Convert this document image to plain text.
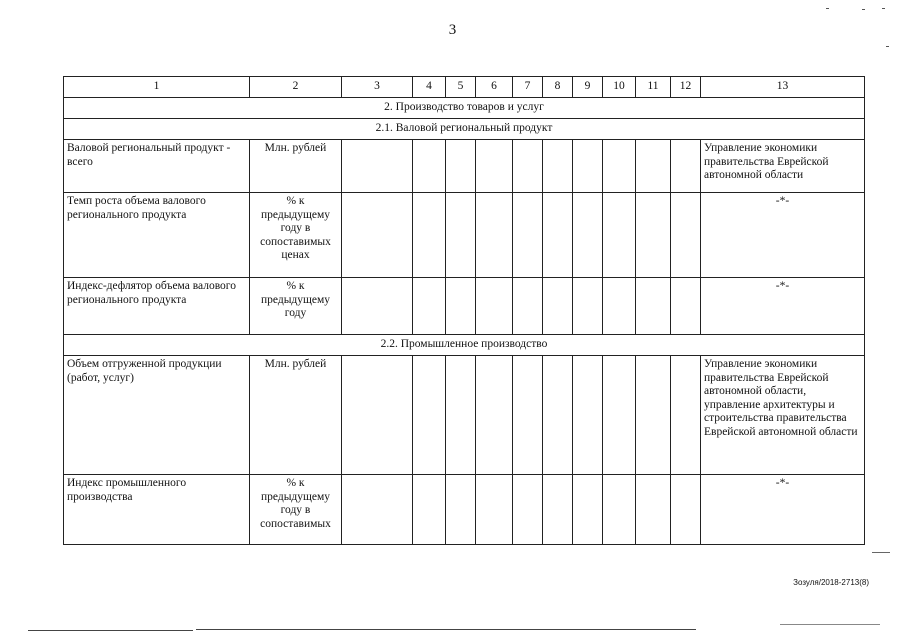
3
1	2	3	4	5	6	7	8	9	10	11	12	13
2. Производство товаров и услуг												
2.1. Валовой региональный продукт												
Валовой региональный продукт - всего	Млн. рублей											Управление экономики правительства Еврейской автономной области
Темп роста объема валового регионального продукта	% к предыдущему году в сопоставимых ценах											-*-
Индекс-дефлятор объема валового регионального продукта	% к предыдущему году											-*-
2.2. Промышленное производство												
Объем отгруженной продукции (работ, услуг)	Млн. рублей											Управление экономики правительства Еврейской автономной области, управление архитектуры и строительства правительства Еврейской автономной области
Индекс промышленного производства	% к предыдущему году в сопоставимых											-*-
Зозуля/2018-2713(8)
